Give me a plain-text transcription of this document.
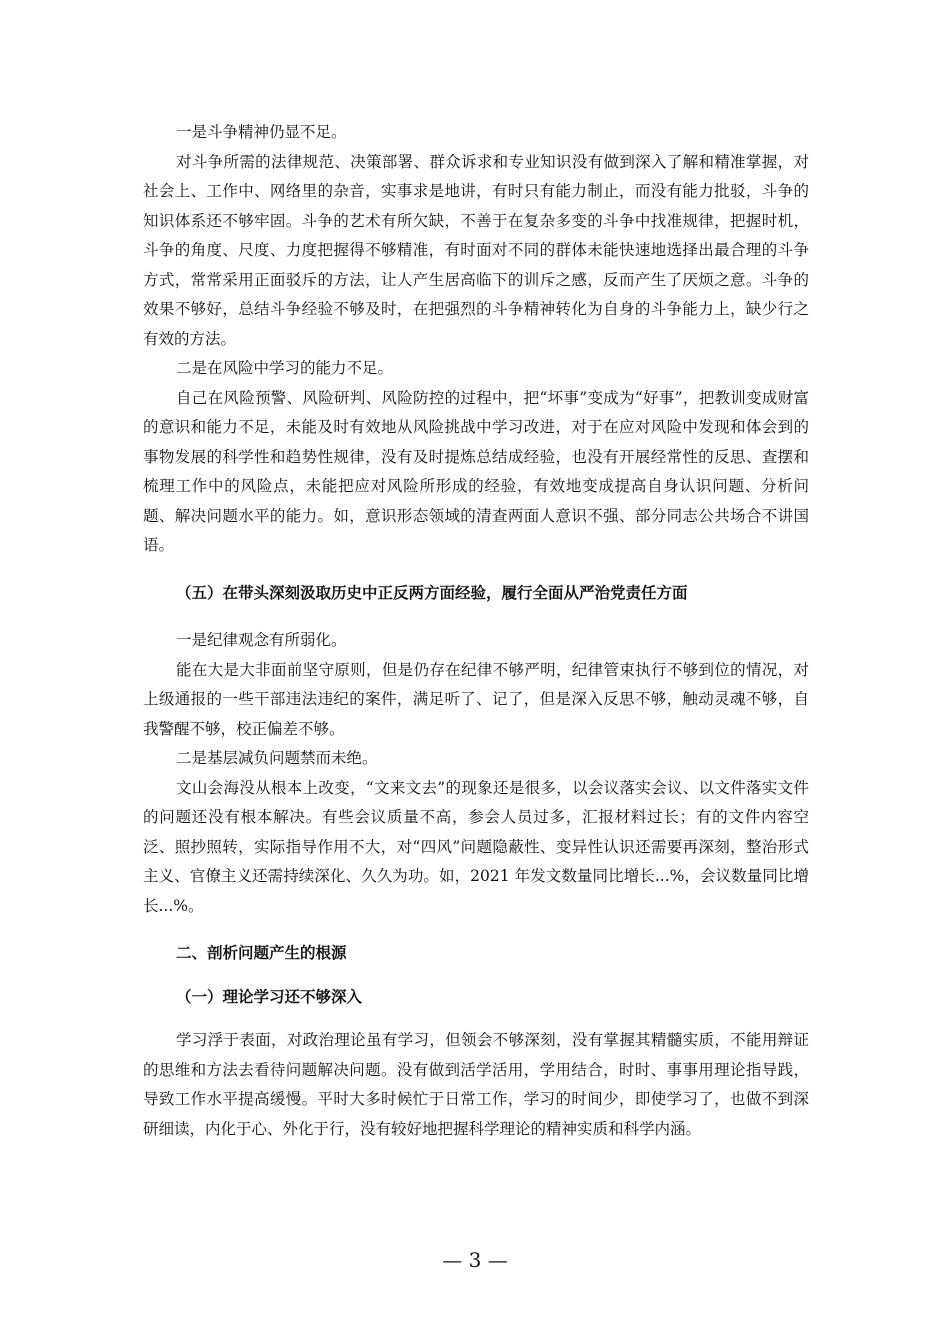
一是斗争精神仍显不足。

对斗争所需的法律规范、决策部署、群众诉求和专业知识没有做到深入了解和精准掌握，对社会上、工作中、网络里的杂音，实事求是地讲，有时只有能力制止，而没有能力批驳，斗争的知识体系还不够牢固。斗争的艺术有所欠缺，不善于在复杂多变的斗争中找准规律，把握时机，斗争的角度、尺度、力度把握得不够精准，有时面对不同的群体未能快速地选择出最合理的斗争方式，常常采用正面驳斥的方法，让人产生居高临下的训斥之感，反而产生了厌烦之意。斗争的效果不够好，总结斗争经验不够及时，在把强烈的斗争精神转化为自身的斗争能力上，缺少行之有效的方法。

二是在风险中学习的能力不足。

自己在风险预警、风险研判、风险防控的过程中，把“坏事”变成为“好事”，把教训变成财富的意识和能力不足，未能及时有效地从风险挑战中学习改进，对于在应对风险中发现和体会到的事物发展的科学性和趋势性规律，没有及时提炼总结成经验，也没有开展经常性的反思、查摆和梳理工作中的风险点，未能把应对风险所形成的经验，有效地变成提高自身认识问题、分析问题、解决问题水平的能力。如，意识形态领域的清查两面人意识不强、部分同志公共场合不讲国语。

（五）在带头深刻汲取历史中正反两方面经验，履行全面从严治党责任方面

一是纪律观念有所弱化。

能在大是大非面前坚守原则，但是仍存在纪律不够严明，纪律管束执行不够到位的情况，对上级通报的一些干部违法违纪的案件，满足听了、记了，但是深入反思不够，触动灵魂不够，自我警醒不够，校正偏差不够。

二是基层减负问题禁而未绝。

文山会海没从根本上改变，“文来文去”的现象还是很多，以会议落实会议、以文件落实文件的问题还没有根本解决。有些会议质量不高，参会人员过多，汇报材料过长；有的文件内容空泛、照抄照转，实际指导作用不大，对“四风”问题隐蔽性、变异性认识还需要再深刻，整治形式主义、官僚主义还需持续深化、久久为功。如，2021 年发文数量同比增长...%，会议数量同比增长...%。

二、剖析问题产生的根源

（一）理论学习还不够深入

学习浮于表面，对政治理论虽有学习，但领会不够深刻，没有掌握其精髓实质，不能用辩证的思维和方法去看待问题解决问题。没有做到活学活用，学用结合，时时、事事用理论指导践，导致工作水平提高缓慢。平时大多时候忙于日常工作，学习的时间少，即使学习了，也做不到深研细读，内化于心、外化于行，没有较好地把握科学理论的精神实质和科学内涵。

— 3 —
